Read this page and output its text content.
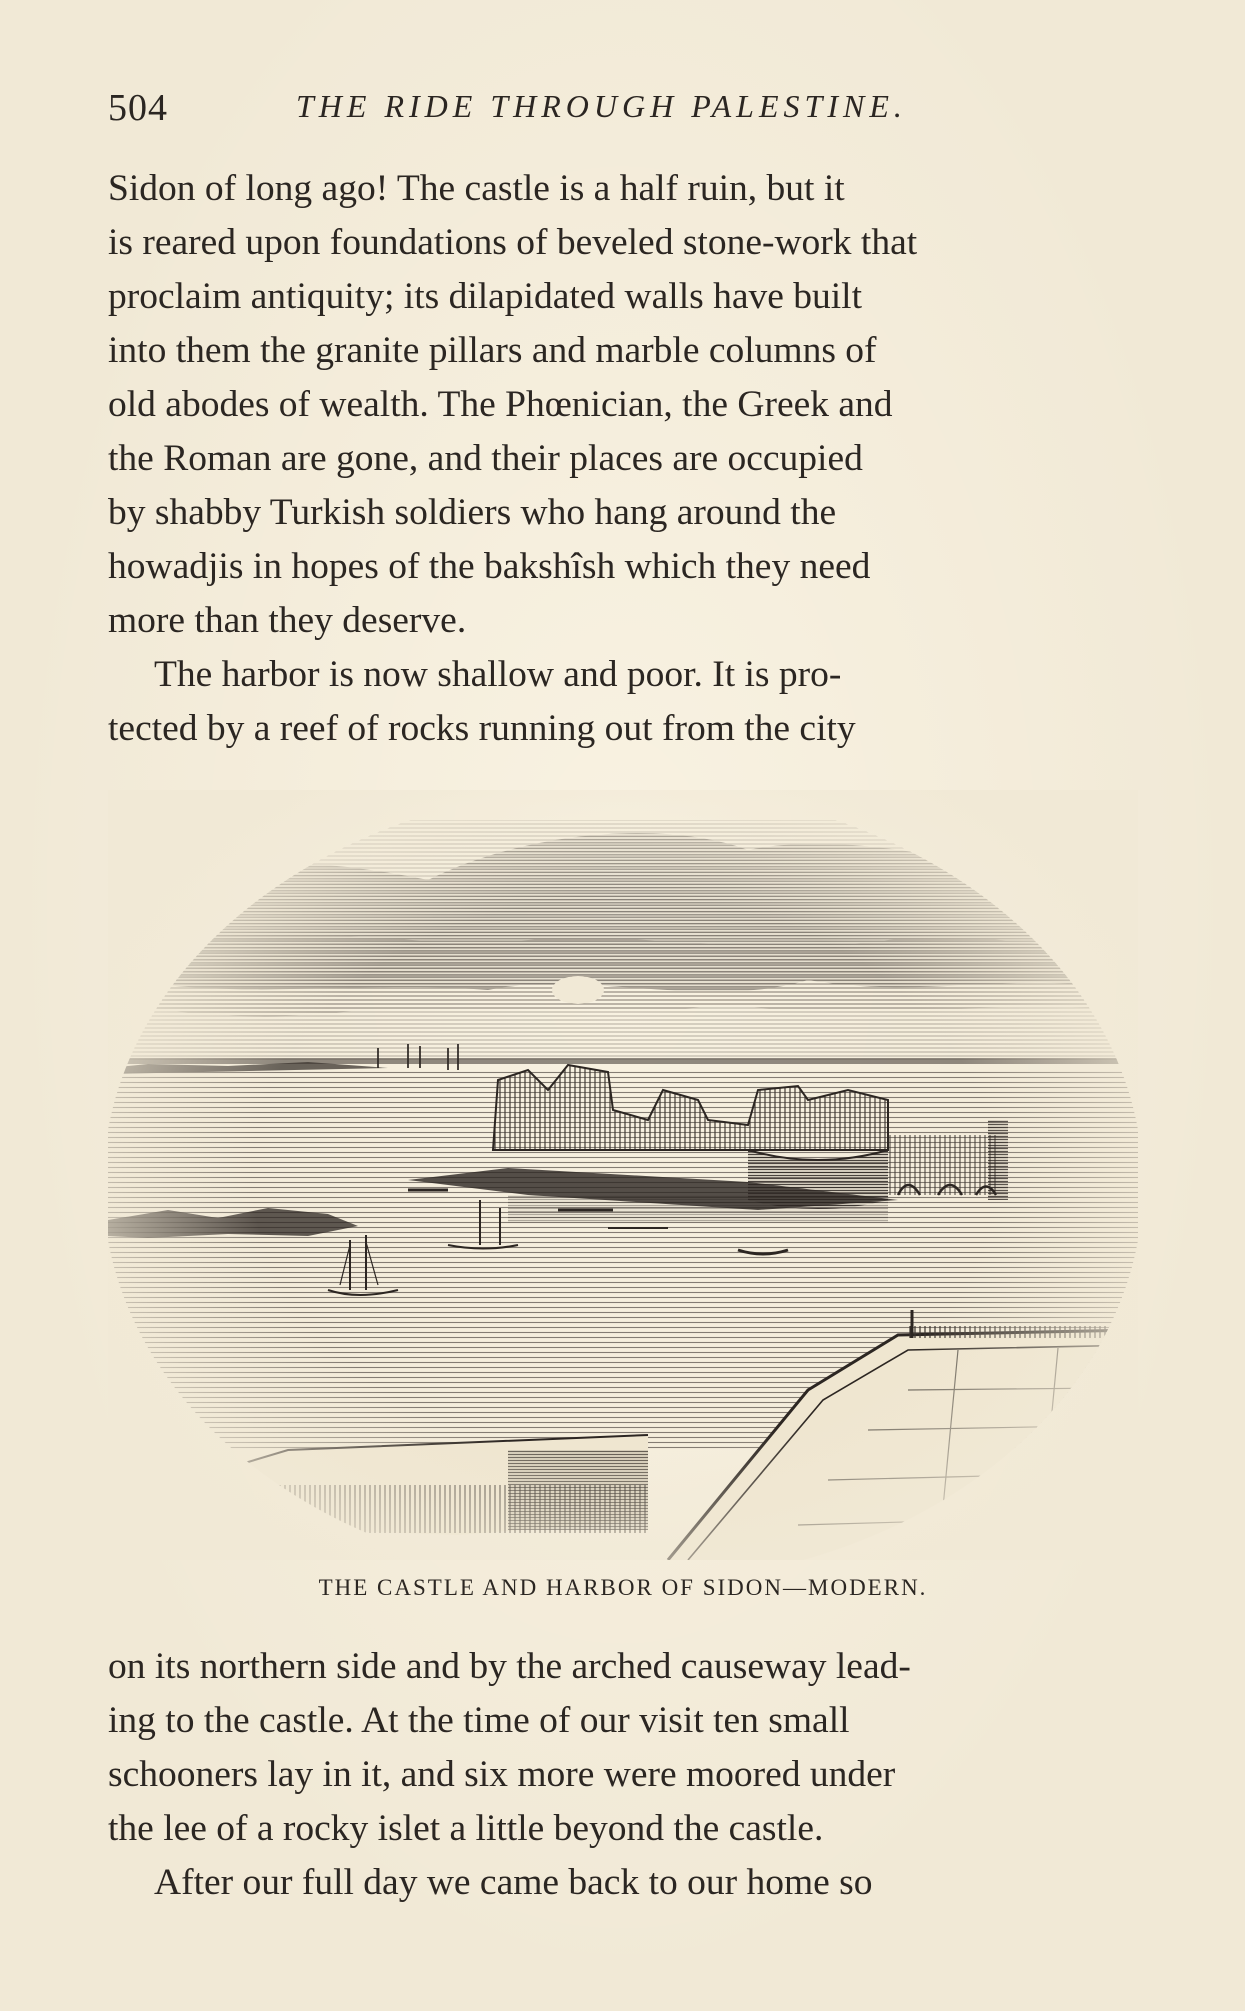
504	THE RIDE THROUGH PALESTINE.
Sidon of long ago! The castle is a half ruin, but it
is reared upon foundations of beveled stone-work that
proclaim antiquity; its dilapidated walls have built
into them the granite pillars and marble columns of
old abodes of wealth. The Phœnician, the Greek and
the Roman are gone, and their places are occupied
by shabby Turkish soldiers who hang around the
howadjis in hopes of the bakshîsh which they need
more than they deserve.
The harbor is now shallow and poor. It is pro-
tected by a reef of rocks running out from the city
THE CASTLE AND HARBOR OF SIDON—MODERN.
on its northern side and by the arched causeway lead-
ing to the castle. At the time of our visit ten small
schooners lay in it, and six more were moored under
the lee of a rocky islet a little beyond the castle.
After our full day we came back to our home so
